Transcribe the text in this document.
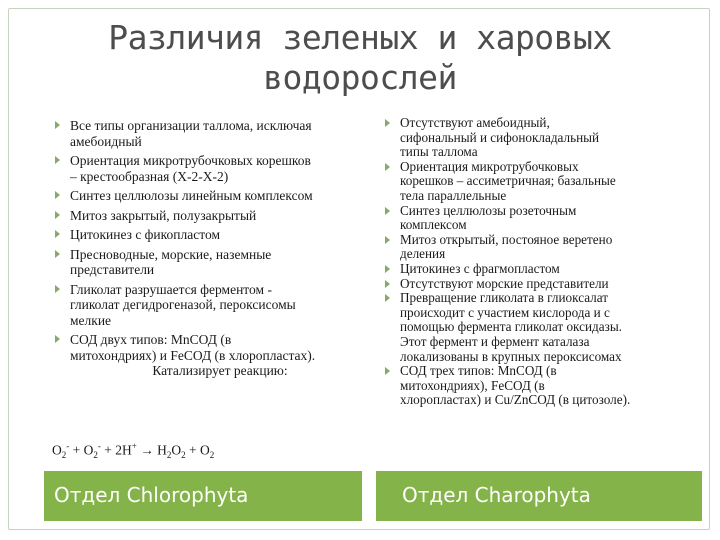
Различия зеленых и харовых
водорослей
Все типы организации таллома, исключая
амебоидный
Ориентация микротрубочковых корешков
– крестообразная (X-2-X-2)
Синтез целлюлозы линейным комплексом
Митоз закрытый, полузакрытый
Цитокинез с фикопластом
Пресноводные, морские, наземные
представители
Гликолат разрушается ферментом -
гликолат дегидрогеназой, пероксисомы
мелкие
СОД двух типов: MnСОД (в
митохондриях) и FeСОД (в хлоропластах).

Катализирует реакцию:
$O_2^- + O_2^- + 2H^+ \to H_2O_2 + O_2$
Отсутствуют амебоидный,
сифональный и сифонокладальный
типы таллома
Ориентация микротрубочковых
корешков – ассиметричная; базальные
тела параллельные
Синтез целлюлозы розеточным
комплексом
Митоз открытый, постояное веретено
деления
Цитокинез с фрагмопластом
Отсутствуют морские представители
Превращение гликолата в глиоксалат
происходит с участием кислорода и с
помощью фермента гликолат оксидазы.
Этот фермент и фермент каталаза
локализованы в крупных пероксисомах
СОД трех типов: MnСОД (в
митохондриях), FeСОД (в
хлоропластах) и Cu/ZnСОД (в цитозоле).
Отдел Chlorophyta	Отдел Charophyta
